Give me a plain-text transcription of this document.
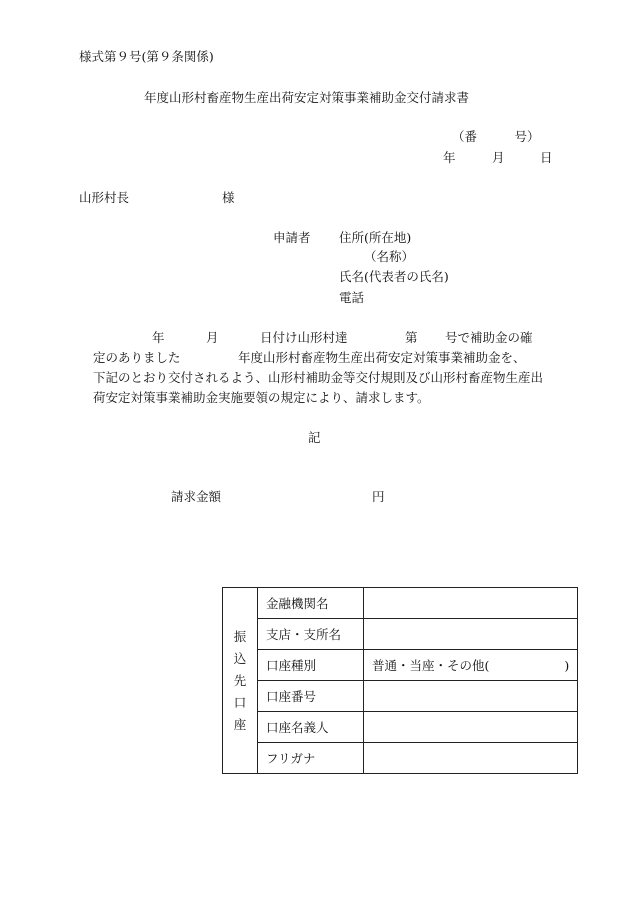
様式第９号(第９条関係)
年度山形村畜産物生産出荷安定対策事業補助金交付請求書
（番　　　号）
年	月	日
山形村長	様
申請者 住所(所在地)
（名称）
氏名(代表者の氏名)
電話
年	月	日付け山形村達	第 号で補助金の確
定のありました	年度山形村畜産物生産出荷安定対策事業補助金を、
下記のとおり交付されるよう、山形村補助金等交付規則及び山形村畜産物生産出
荷安定対策事業補助金実施要領の規定により、請求します。
記
請求金額	円
振
込
先
口
座	金融機関名	
	支店・支所名	
	口座種別	普通・当座・その他(　　　　　　)
	口座番号	
	口座名義人	
	フリガナ	
